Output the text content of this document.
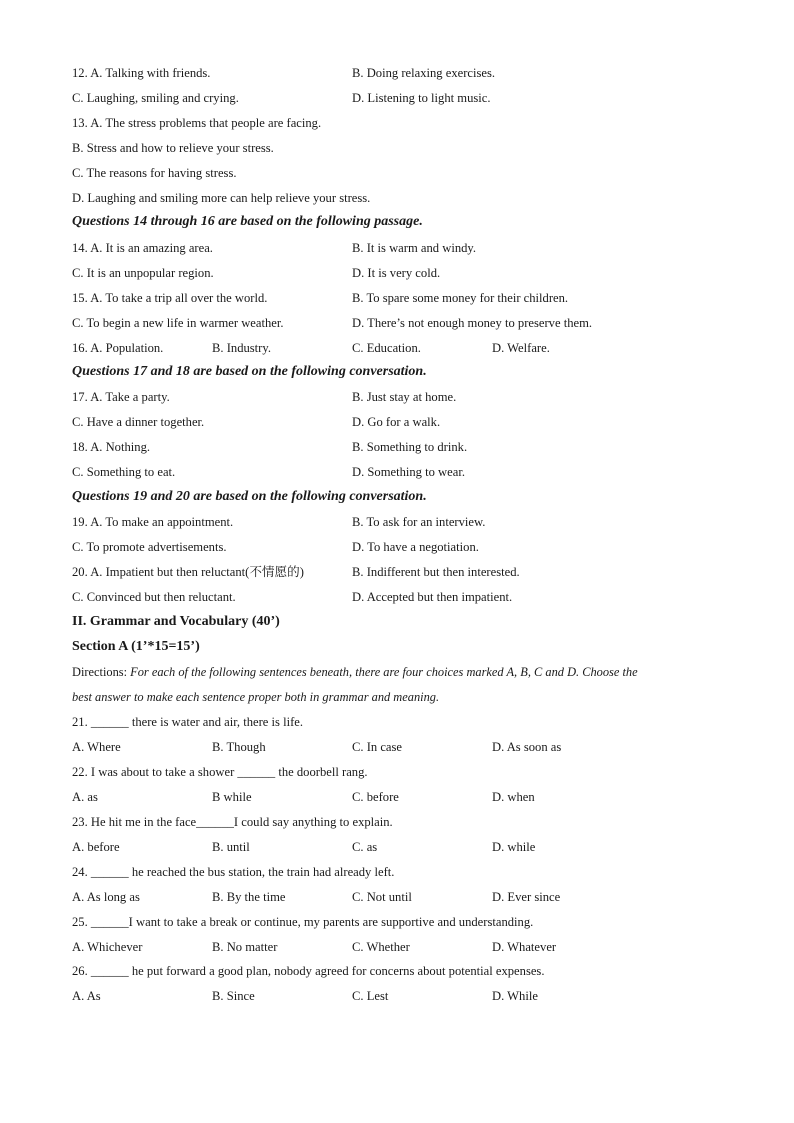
12. A. Talking with friends.	B. Doing relaxing exercises.
C. Laughing, smiling and crying.	D. Listening to light music.
13. A. The stress problems that people are facing.
B. Stress and how to relieve your stress.
C. The reasons for having stress.
D. Laughing and smiling more can help relieve your stress.
Questions 14 through 16 are based on the following passage.
14. A. It is an amazing area.	B. It is warm and windy.
C. It is an unpopular region.	D. It is very cold.
15. A. To take a trip all over the world.	B. To spare some money for their children.
C. To begin a new life in warmer weather.	D. There’s not enough money to preserve them.
16. A. Population.	B. Industry.	C. Education.	D. Welfare.
Questions 17 and 18 are based on the following conversation.
17. A. Take a party.	B. Just stay at home.
C. Have a dinner together.	D. Go for a walk.
18. A. Nothing.	B. Something to drink.
C. Something to eat.	D. Something to wear.
Questions 19 and 20 are based on the following conversation.
19. A. To make an appointment.	B. To ask for an interview.
C. To promote advertisements.	D. To have a negotiation.
20. A. Impatient but then reluctant(不情愿的)	B. Indifferent but then interested.
C. Convinced but then reluctant.	D. Accepted but then impatient.
II. Grammar and Vocabulary (40’)
Section A (1’*15=15’)
Directions: For each of the following sentences beneath, there are four choices marked A, B, C and D. Choose the
best answer to make each sentence proper both in grammar and meaning.
21. ______ there is water and air, there is life.
A. Where	B. Though	C. In case	D. As soon as
22. I was about to take a shower ______ the doorbell rang.
A. as	B while	C. before	D. when
23. He hit me in the face______I could say anything to explain.
A. before	B. until	C. as	D. while
24. ______ he reached the bus station, the train had already left.
A. As long as	B. By the time	C. Not until	D. Ever since
25. ______I want to take a break or continue, my parents are supportive and understanding.
A. Whichever	B. No matter	C. Whether	D. Whatever
26. ______ he put forward a good plan, nobody agreed for concerns about potential expenses.
A. As	B. Since	C. Lest	D. While
